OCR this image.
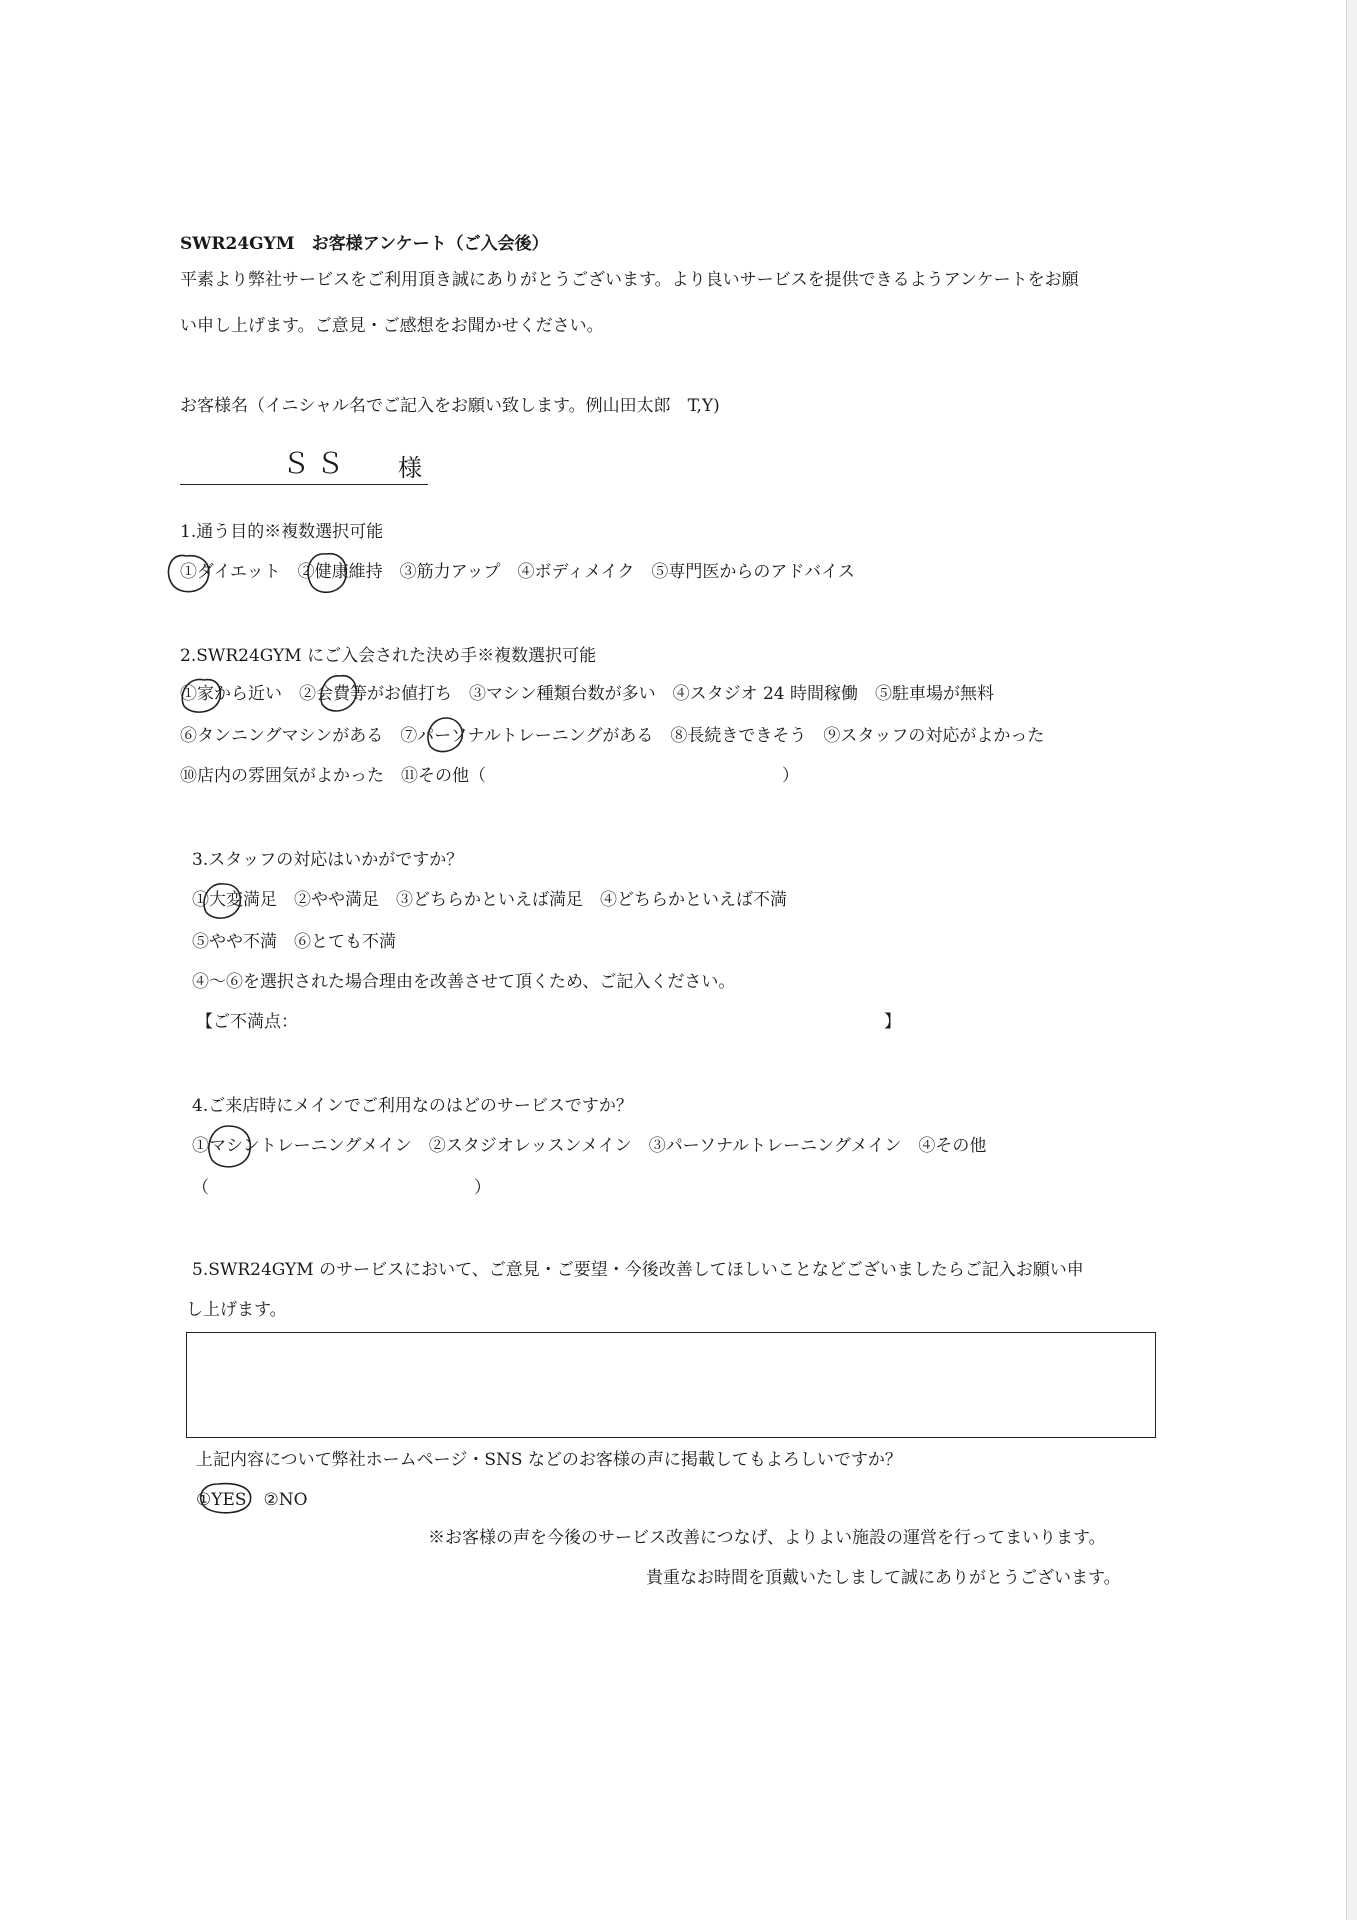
SWR24GYM　お客様アンケート（ご入会後）
平素より弊社サービスをご利用頂き誠にありがとうございます。より良いサービスを提供できるようアンケートをお願
い申し上げます。ご意見・ご感想をお聞かせください。
お客様名（イニシャル名でご記入をお願い致します。例山田太郎　T,Y)
ＳＳ 様
1.通う目的※複数選択可能
①ダイエット　②健康維持　③筋力アップ　④ボディメイク　⑤専門医からのアドバイス
2.SWR24GYM にご入会された決め手※複数選択可能
①家から近い　②会費等がお値打ち　③マシン種類台数が多い　④スタジオ 24 時間稼働　⑤駐車場が無料
⑥タンニングマシンがある　⑦パーソナルトレーニングがある　⑧長続きできそう　⑨スタッフの対応がよかった
⑩店内の雰囲気がよかった　⑪その他（	）
3.スタッフの対応はいかがですか？
①大変満足　②やや満足　③どちらかといえば満足　④どちらかといえば不満
⑤やや不満　⑥とても不満
④～⑥を選択された場合理由を改善させて頂くため、ご記入ください。
【ご不満点：	】
4.ご来店時にメインでご利用なのはどのサービスですか？
①マシントレーニングメイン　②スタジオレッスンメイン　③パーソナルトレーニングメイン　④その他
（	）
5.SWR24GYM のサービスにおいて、ご意見・ご要望・今後改善してほしいことなどございましたらご記入お願い申
し上げます。
上記内容について弊社ホームページ・SNS などのお客様の声に掲載してもよろしいですか？
①YES　②NO
※お客様の声を今後のサービス改善につなげ、よりよい施設の運営を行ってまいります。
貴重なお時間を頂戴いたしまして誠にありがとうございます。
